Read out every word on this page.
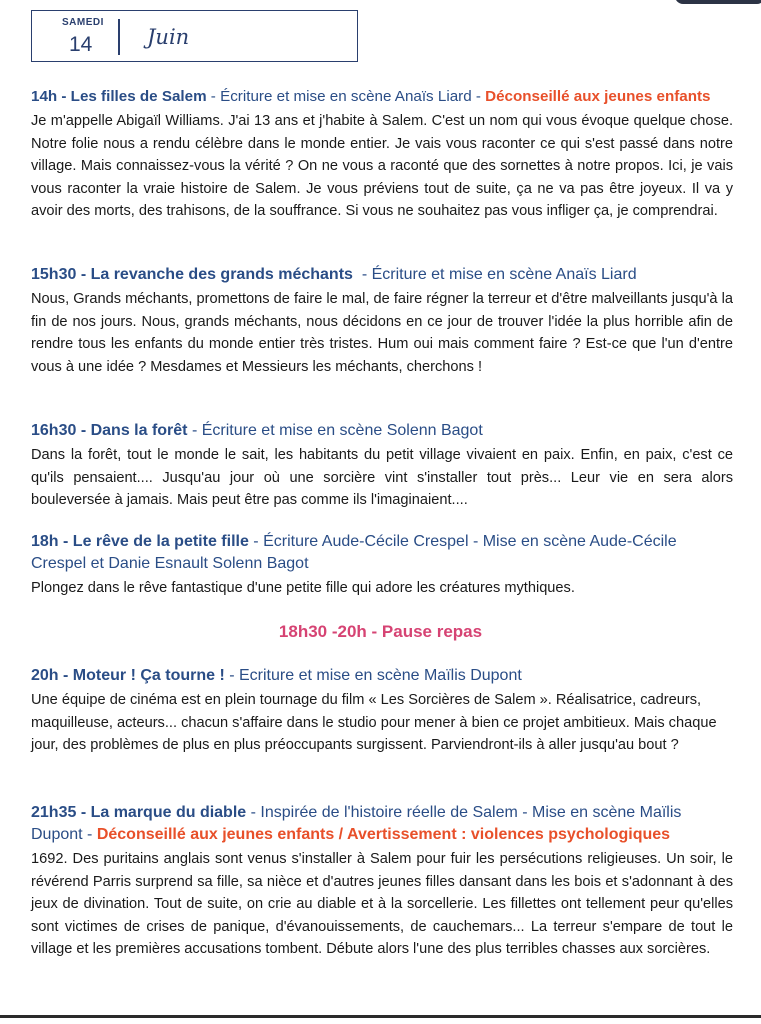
SAMEDI
14	Juin
14h - Les filles de Salem - Écriture et mise en scène Anaïs Liard - Déconseillé aux jeunes enfants
Je m'appelle Abigaïl Williams. J'ai 13 ans et j'habite à Salem. C'est un nom qui vous évoque quelque chose. Notre folie nous a rendu célèbre dans le monde entier. Je vais vous raconter ce qui s'est passé dans notre village. Mais connaissez-vous la vérité ? On ne vous a raconté que des sornettes à notre propos. Ici, je vais vous raconter la vraie histoire de Salem. Je vous préviens tout de suite, ça ne va pas être joyeux. Il va y avoir des morts, des trahisons, de la souffrance. Si vous ne souhaitez pas vous infliger ça, je comprendrai.
15h30 - La revanche des grands méchants  - Écriture et mise en scène Anaïs Liard
Nous, Grands méchants, promettons de faire le mal, de faire régner la terreur et d'être malveillants jusqu'à la fin de nos jours. Nous, grands méchants, nous décidons en ce jour de trouver l'idée la plus horrible afin de rendre tous les enfants du monde entier très tristes. Hum oui mais comment faire ? Est-ce que l'un d'entre vous à une idée ? Mesdames et Messieurs les méchants, cherchons !
16h30 - Dans la forêt - Écriture et mise en scène Solenn Bagot
Dans la forêt, tout le monde le sait, les habitants du petit village vivaient en paix. Enfin, en paix, c'est ce qu'ils pensaient.... Jusqu'au jour où une sorcière vint s'installer tout près... Leur vie en sera alors bouleversée à jamais. Mais peut être pas comme ils l'imaginaient....
18h - Le rêve de la petite fille - Écriture Aude-Cécile Crespel - Mise en scène Aude-Cécile Crespel et Danie Esnault Solenn Bagot
Plongez dans le rêve fantastique d'une petite fille qui adore les créatures mythiques.
18h30 -20h - Pause repas
20h - Moteur ! Ça tourne ! - Ecriture et mise en scène Maïlis Dupont
Une équipe de cinéma est en plein tournage du film « Les Sorcières de Salem ». Réalisatrice, cadreurs, maquilleuse, acteurs... chacun s'affaire dans le studio pour mener à bien ce projet ambitieux. Mais chaque jour, des problèmes de plus en plus préoccupants surgissent. Parviendront-ils à aller jusqu'au bout ?
21h35 - La marque du diable - Inspirée de l'histoire réelle de Salem - Mise en scène Maïlis Dupont - Déconseillé aux jeunes enfants / Avertissement : violences psychologiques
1692. Des puritains anglais sont venus s'installer à Salem pour fuir les persécutions religieuses. Un soir, le révérend Parris surprend sa fille, sa nièce et d'autres jeunes filles dansant dans les bois et s'adonnant à des jeux de divination. Tout de suite, on crie au diable et à la sorcellerie. Les fillettes ont tellement peur qu'elles sont victimes de crises de panique, d'évanouissements, de cauchemars... La terreur s'empare de tout le village et les premières accusations tombent. Débute alors l'une des plus terribles chasses aux sorcières.
